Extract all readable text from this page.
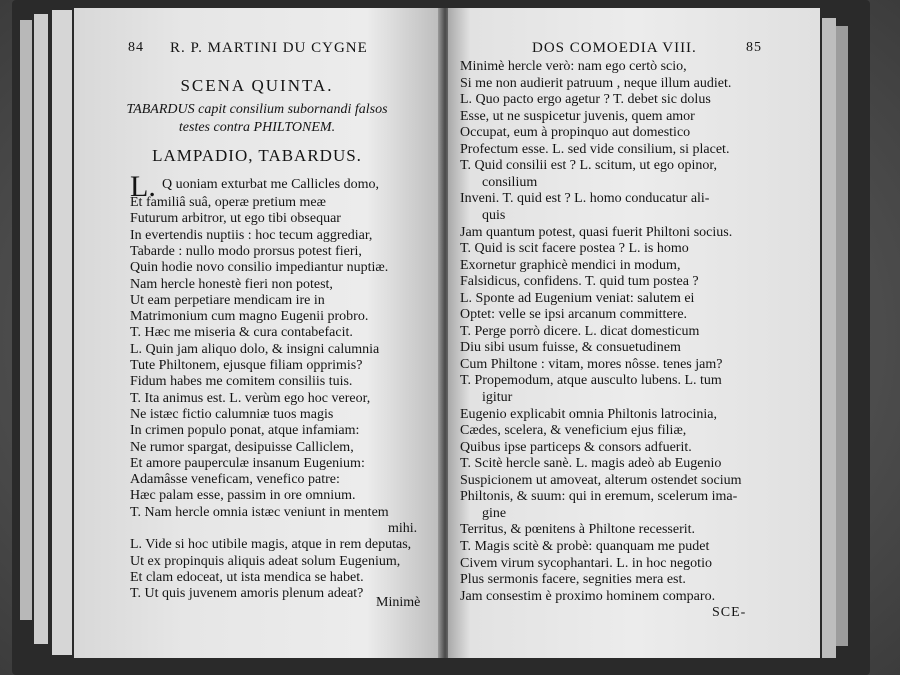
84 R. P. MARTINI DU CYGNE
SCENA QUINTA.
TABARDUS capit consilium subornandi falsos
testes contra PHILTONEM.
LAMPADIO, TABARDUS.
L. Q uoniam exturbat me Callicles domo,
Et familiâ suâ, operæ pretium meæ
Futurum arbitror, ut ego tibi obsequar
In evertendis nuptiis : hoc tecum aggrediar,
Tabarde : nullo modo prorsus potest fieri,
Quin hodie novo consilio impediantur nuptiæ.
Nam hercle honestè fieri non potest,
Ut eam perpetiare mendicam ire in
Matrimonium cum magno Eugenii probro.
T. Hæc me miseria & cura contabefacit.
L. Quin jam aliquo dolo, & insigni calumnia
Tute Philtonem, ejusque filiam opprimis?
Fidum habes me comitem consiliis tuis.
T. Ita animus est. L. verùm ego hoc vereor,
Ne istæc fictio calumniæ tuos magis
In crimen populo ponat, atque infamiam:
Ne rumor spargat, desipuisse Calliclem,
Et amore pauperculæ insanum Eugenium:
Adamâsse veneficam, venefico patre:
Hæc palam esse, passim in ore omnium.
T. Nam hercle omnia istæc veniunt in mentem
mihi.
L. Vide si hoc utibile magis, atque in rem deputas,
Ut ex propinquis aliquis adeat solum Eugenium,
Et clam edoceat, ut ista mendica se habet.
T. Ut quis juvenem amoris plenum adeat?
Minimè
DOS COMOEDIA VIII.	85
Minimè hercle verò: nam ego certò scio,
Si me non audierit patruum , neque illum audiet.
L. Quo pacto ergo agetur ? T. debet sic dolus
Esse, ut ne suspicetur juvenis, quem amor
Occupat, eum à propinquo aut domestico
Profectum esse. L. sed vide consilium, si placet.
T. Quid consilii est ? L. scitum, ut ego opinor,
consilium
Inveni. T. quid est ? L. homo conducatur ali-
quis
Jam quantum potest, quasi fuerit Philtoni socius.
T. Quid is scit facere postea ? L. is homo
Exornetur graphicè mendici in modum,
Falsidicus, confidens. T. quid tum postea ?
L. Sponte ad Eugenium veniat: salutem ei
Optet: velle se ipsi arcanum committere.
T. Perge porrò dicere. L. dicat domesticum
Diu sibi usum fuisse, & consuetudinem
Cum Philtone : vitam, mores nôsse. tenes jam?
T. Propemodum, atque ausculto lubens. L. tum
igitur
Eugenio explicabit omnia Philtonis latrocinia,
Cædes, scelera, & veneficium ejus filiæ,
Quibus ipse particeps & consors adfuerit.
T. Scitè hercle sanè. L. magis adeò ab Eugenio
Suspicionem ut amoveat, alterum ostendet socium
Philtonis, & suum: qui in eremum, scelerum ima-
gine
Territus, & pœnitens à Philtone recesserit.
T. Magis scitè & probè: quanquam me pudet
Civem virum sycophantari. L. in hoc negotio
Plus sermonis facere, segnities mera est.
Jam consestim è proximo hominem comparo.
SCE-
